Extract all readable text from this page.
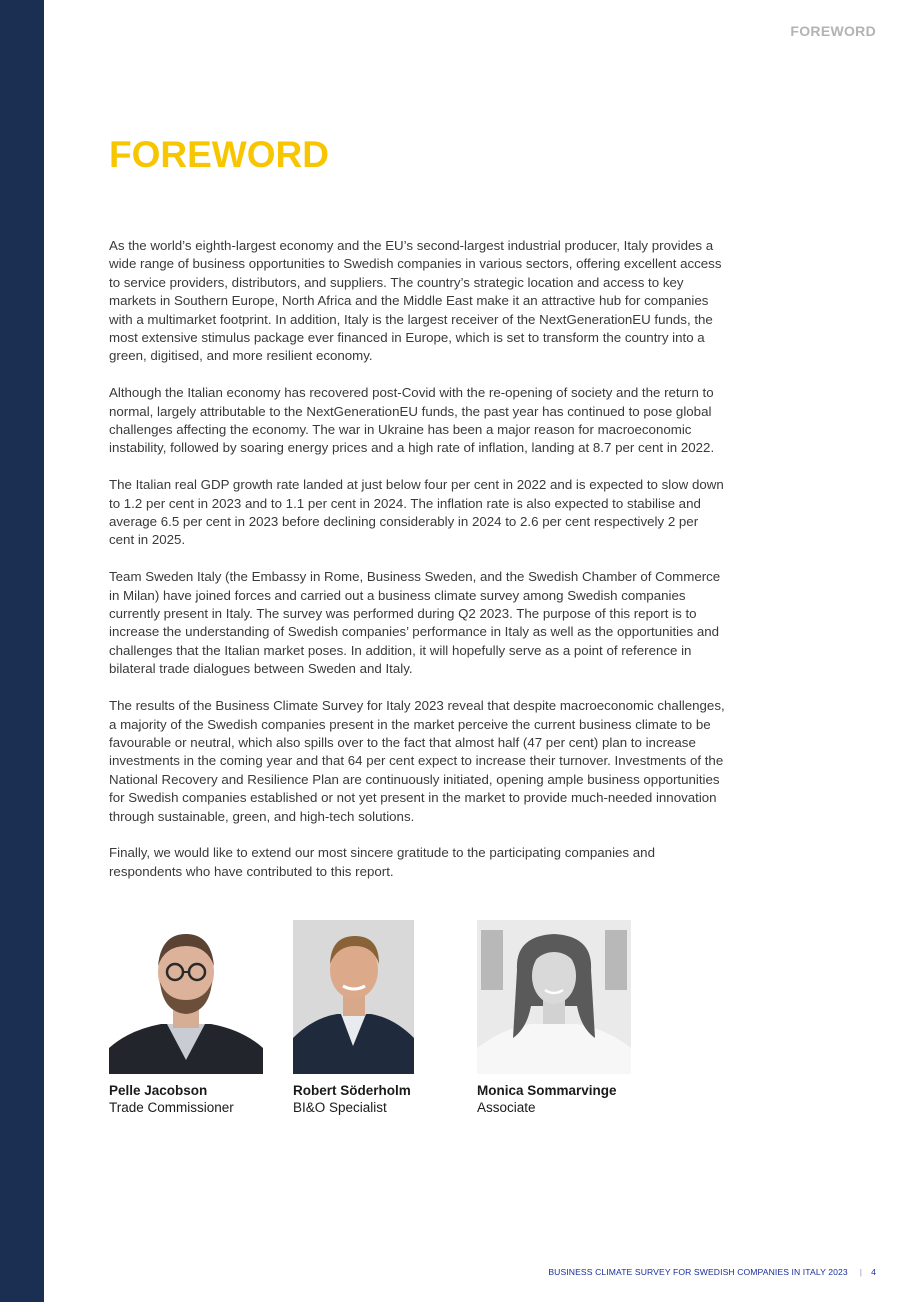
FOREWORD
FOREWORD

As the world’s eighth-largest economy and the EU’s second-largest industrial producer, Italy provides a wide range of business opportunities to Swedish companies in various sectors, offering excellent access to service providers, distributors, and suppliers. The country’s strategic location and access to key markets in Southern Europe, North Africa and the Middle East make it an attractive hub for companies with a multimarket footprint. In addition, Italy is the largest receiver of the NextGenerationEU funds, the most extensive stimulus package ever financed in Europe, which is set to transform the country into a green, digitised, and more resilient economy.

Although the Italian economy has recovered post-Covid with the re-opening of society and the return to normal, largely attributable to the NextGenerationEU funds, the past year has continued to pose global challenges affecting the economy. The war in Ukraine has been a major reason for macroeconomic instability, followed by soaring energy prices and a high rate of inflation, landing at 8.7 per cent in 2022.

The Italian real GDP growth rate landed at just below four per cent in 2022 and is expected to slow down to 1.2 per cent in 2023 and to 1.1 per cent in 2024. The inflation rate is also expected to stabilise and average 6.5 per cent in 2023 before declining considerably in 2024 to 2.6 per cent respectively 2 per cent in 2025.

Team Sweden Italy (the Embassy in Rome, Business Sweden, and the Swedish Chamber of Commerce in Milan) have joined forces and carried out a business climate survey among Swedish companies currently present in Italy. The survey was performed during Q2 2023. The purpose of this report is to increase the understanding of Swedish companies’ performance in Italy as well as the opportunities and challenges that the Italian market poses. In addition, it will hopefully serve as a point of reference in bilateral trade dialogues between Sweden and Italy.

The results of the Business Climate Survey for Italy 2023 reveal that despite macroeconomic challenges, a majority of the Swedish companies present in the market perceive the current business climate to be favourable or neutral, which also spills over to the fact that almost half (47 per cent) plan to increase investments in the coming year and that 64 per cent expect to increase their turnover. Investments of the National Recovery and Resilience Plan are continuously initiated, opening ample business opportunities for Swedish companies established or not yet present in the market to provide much-needed innovation through sustainable, green, and high-tech solutions.

Finally, we would like to extend our most sincere gratitude to the participating companies and respondents who have contributed to this report.

Pelle Jacobson
Trade Commissioner
Robert Söderholm
BI&O Specialist
Monica Sommarvinge
Associate
BUSINESS CLIMATE SURVEY FOR SWEDISH COMPANIES IN ITALY 2023 | 4
